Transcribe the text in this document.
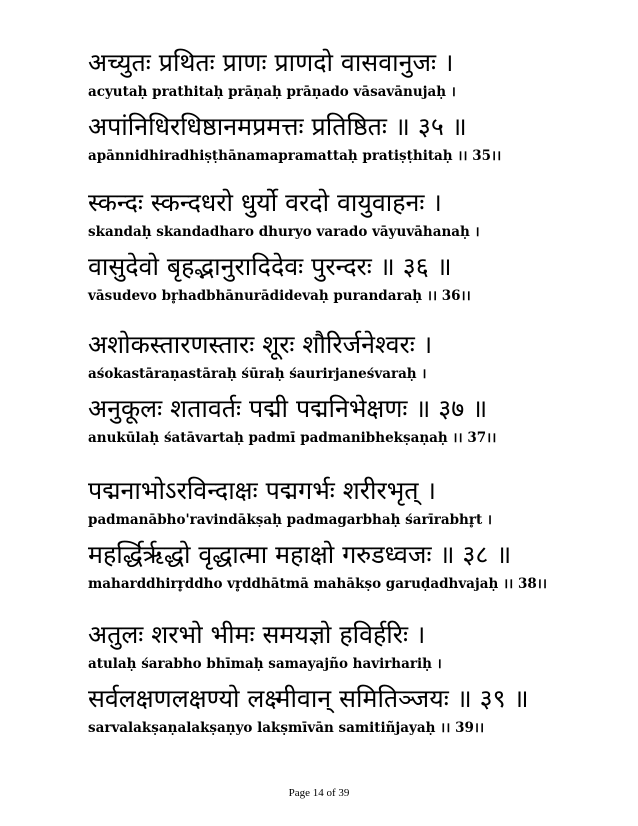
अच्युतः प्रथितः प्राणः प्राणदो वासवानुजः ।
acyutaḥ prathitaḥ prāṇaḥ prāṇado vāsavānujaḥ ।
अपांनिधिरधिष्ठानमप्रमत्तः प्रतिष्ठितः ॥ ३५ ॥
apānnidhiradhiṣṭhānamapramattaḥ pratiṣṭhitaḥ ।। 35।।
स्कन्दः स्कन्दधरो धुर्यो वरदो वायुवाहनः ।
skandaḥ skandadharo dhuryo varado vāyuvāhanaḥ ।
वासुदेवो बृहद्भानुरादिदेवः पुरन्दरः ॥ ३६ ॥
vāsudevo br̥hadbhānurādidevaḥ purandaraḥ ।। 36।।
अशोकस्तारणस्तारः शूरः शौरिर्जनेश्वरः ।
aśokastāraṇastāraḥ śūraḥ śaurirjaneśvaraḥ ।
अनुकूलः शतावर्तः पद्मी पद्मनिभेक्षणः ॥ ३७ ॥
anukūlaḥ śatāvartaḥ padmī padmanibhekṣaṇaḥ ।। 37।।
पद्मनाभोऽरविन्दाक्षः पद्मगर्भः शरीरभृत् ।
padmanābho'ravindākṣaḥ padmagarbhaḥ śarīrabhr̥t ।
महर्द्धिरृद्धो वृद्धात्मा महाक्षो गरुडध्वजः ॥ ३८ ॥
maharddhirr̥ddho vr̥ddhātmā mahākṣo garuḍadhvajaḥ ।। 38।।
अतुलः शरभो भीमः समयज्ञो हविर्हरिः ।
atulaḥ śarabho bhīmaḥ samayajño havirhariḥ ।
सर्वलक्षणलक्षण्यो लक्ष्मीवान् समितिञ्जयः ॥ ३९ ॥
sarvalakṣaṇalakṣaṇyo lakṣmīvān samitiñjayaḥ ।। 39।।
Page 14 of 39
